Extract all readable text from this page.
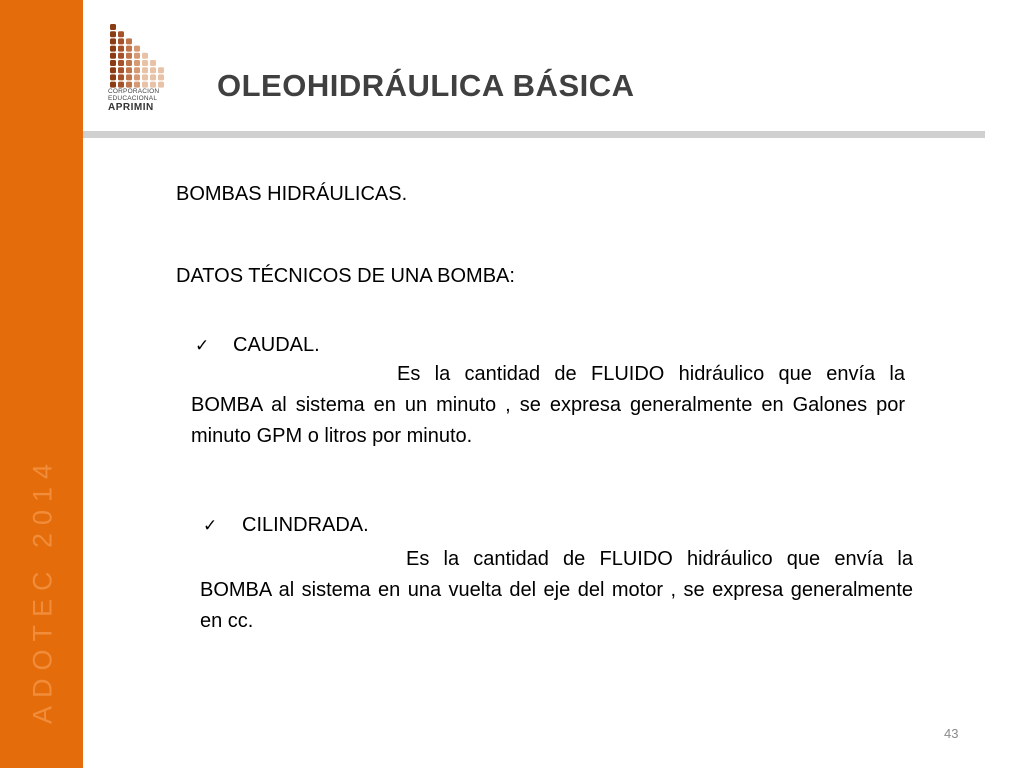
ADOTEC 2014
CORPORACION
EDUCACIONAL
APRIMIN
OLEOHIDRÁULICA BÁSICA
BOMBAS HIDRÁULICAS.
DATOS TÉCNICOS DE UNA BOMBA:
✓ CAUDAL.
Es la cantidad de FLUIDO hidráulico que envía la BOMBA al sistema en un minuto , se expresa generalmente en Galones por minuto GPM o litros por minuto.
✓ CILINDRADA.
Es la cantidad de FLUIDO hidráulico que envía la BOMBA al sistema en una vuelta del eje del motor , se expresa generalmente en cc.
43
